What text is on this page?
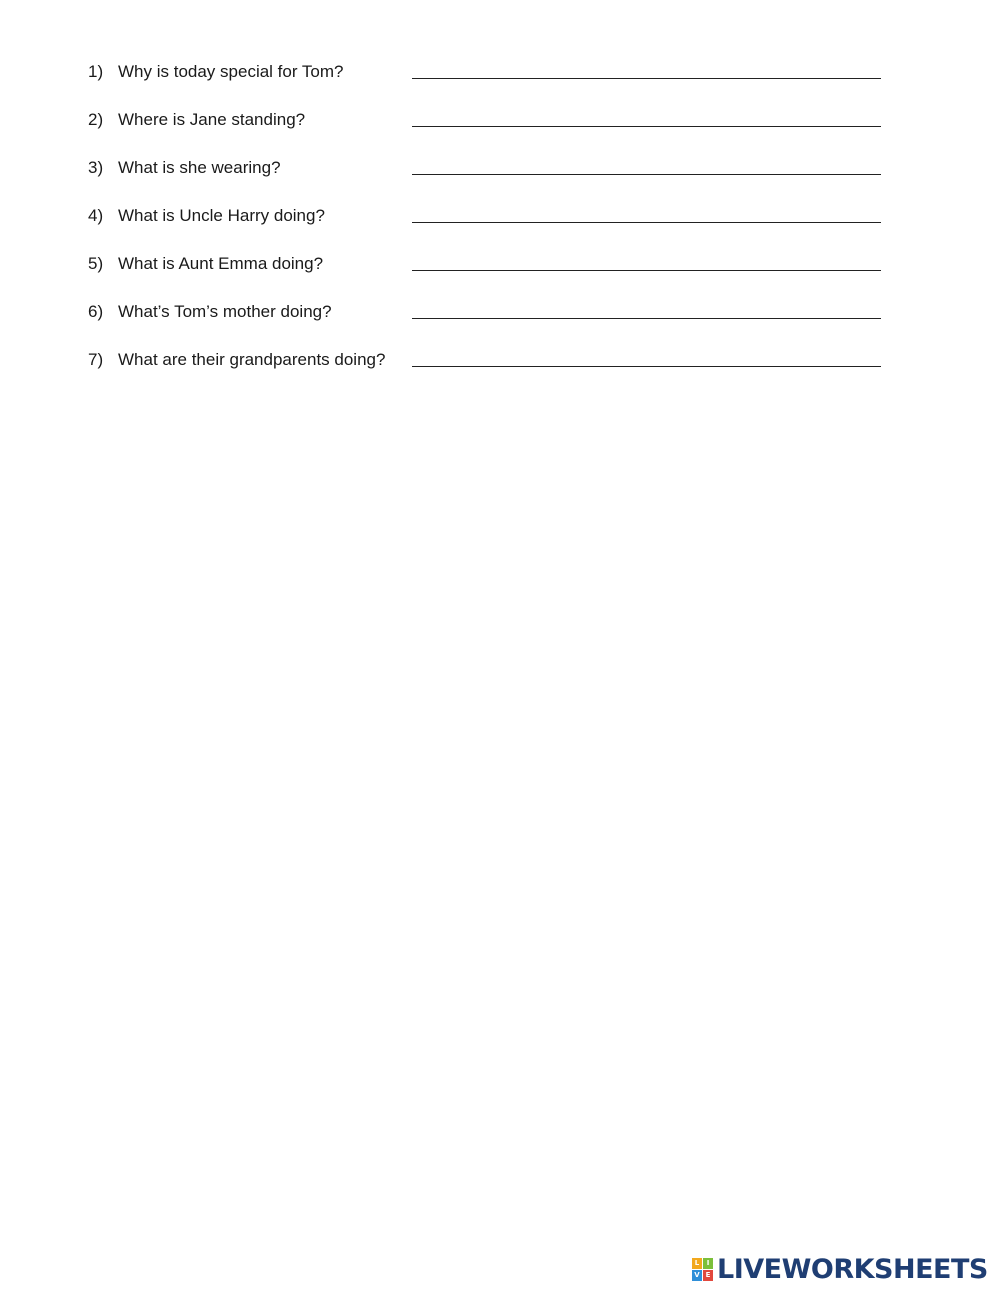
1) Why is today special for Tom?
2) Where is Jane standing?
3) What is she wearing?
4) What is Uncle Harry doing?
5) What is Aunt Emma doing?
6) What’s Tom’s mother doing?
7) What are their grandparents doing?
L	I
V E LIVEWORKSHEETS
